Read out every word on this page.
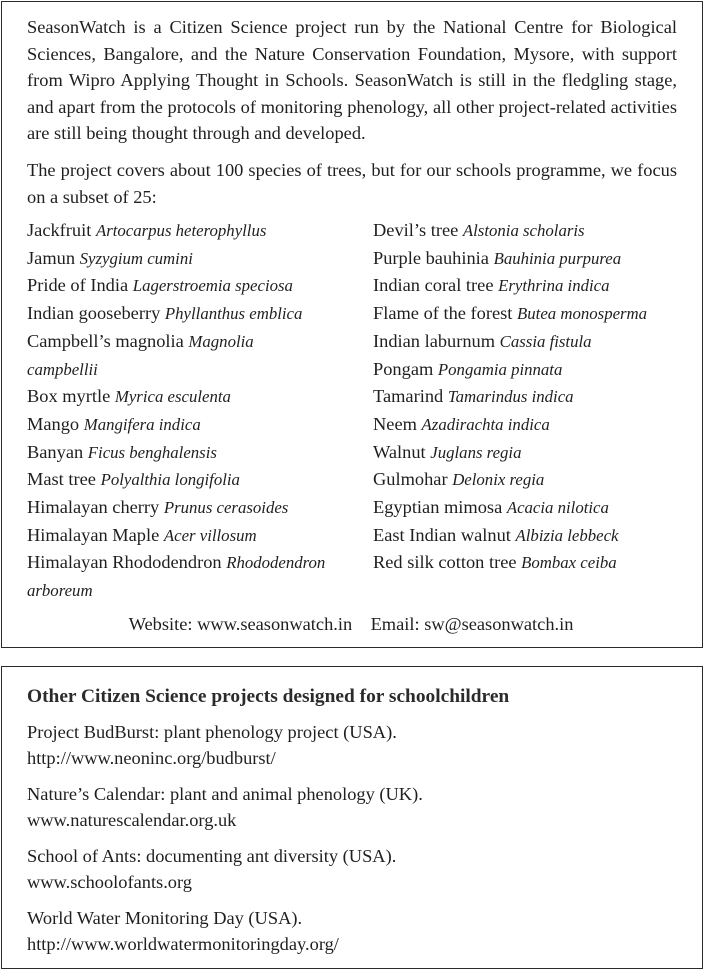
SeasonWatch is a Citizen Science project run by the National Centre for Biological Sciences, Bangalore, and the Nature Conservation Foundation, Mysore, with support from Wipro Applying Thought in Schools. SeasonWatch is still in the fledgling stage, and apart from the protocols of monitoring phenology, all other project-related activities are still being thought through and developed.

The project covers about 100 species of trees, but for our schools programme, we focus on a subset of 25:

Jackfruit Artocarpus heterophyllus
Jamun Syzygium cumini
Pride of India Lagerstroemia speciosa
Indian gooseberry Phyllanthus emblica
Campbell’s magnolia Magnolia campbellii
Box myrtle Myrica esculenta
Mango Mangifera indica
Banyan Ficus benghalensis
Mast tree Polyalthia longifolia
Himalayan cherry Prunus cerasoides
Himalayan Maple Acer villosum
Himalayan Rhododendron Rhododendron arboreum
Devil’s tree Alstonia scholaris
Purple bauhinia Bauhinia purpurea
Indian coral tree Erythrina indica
Flame of the forest Butea monosperma
Indian laburnum Cassia fistula
Pongam Pongamia pinnata
Tamarind Tamarindus indica
Neem Azadirachta indica
Walnut Juglans regia
Gulmohar Delonix regia
Egyptian mimosa Acacia nilotica
East Indian walnut Albizia lebbeck
Red silk cotton tree Bombax ceiba
Website: www.seasonwatch.in Email: sw@seasonwatch.in
Other Citizen Science projects designed for schoolchildren

Project BudBurst: plant phenology project (USA).
http://www.neoninc.org/budburst/

Nature’s Calendar: plant and animal phenology (UK).
www.naturescalendar.org.uk

School of Ants: documenting ant diversity (USA).
www.schoolofants.org

World Water Monitoring Day (USA).
http://www.worldwatermonitoringday.org/
